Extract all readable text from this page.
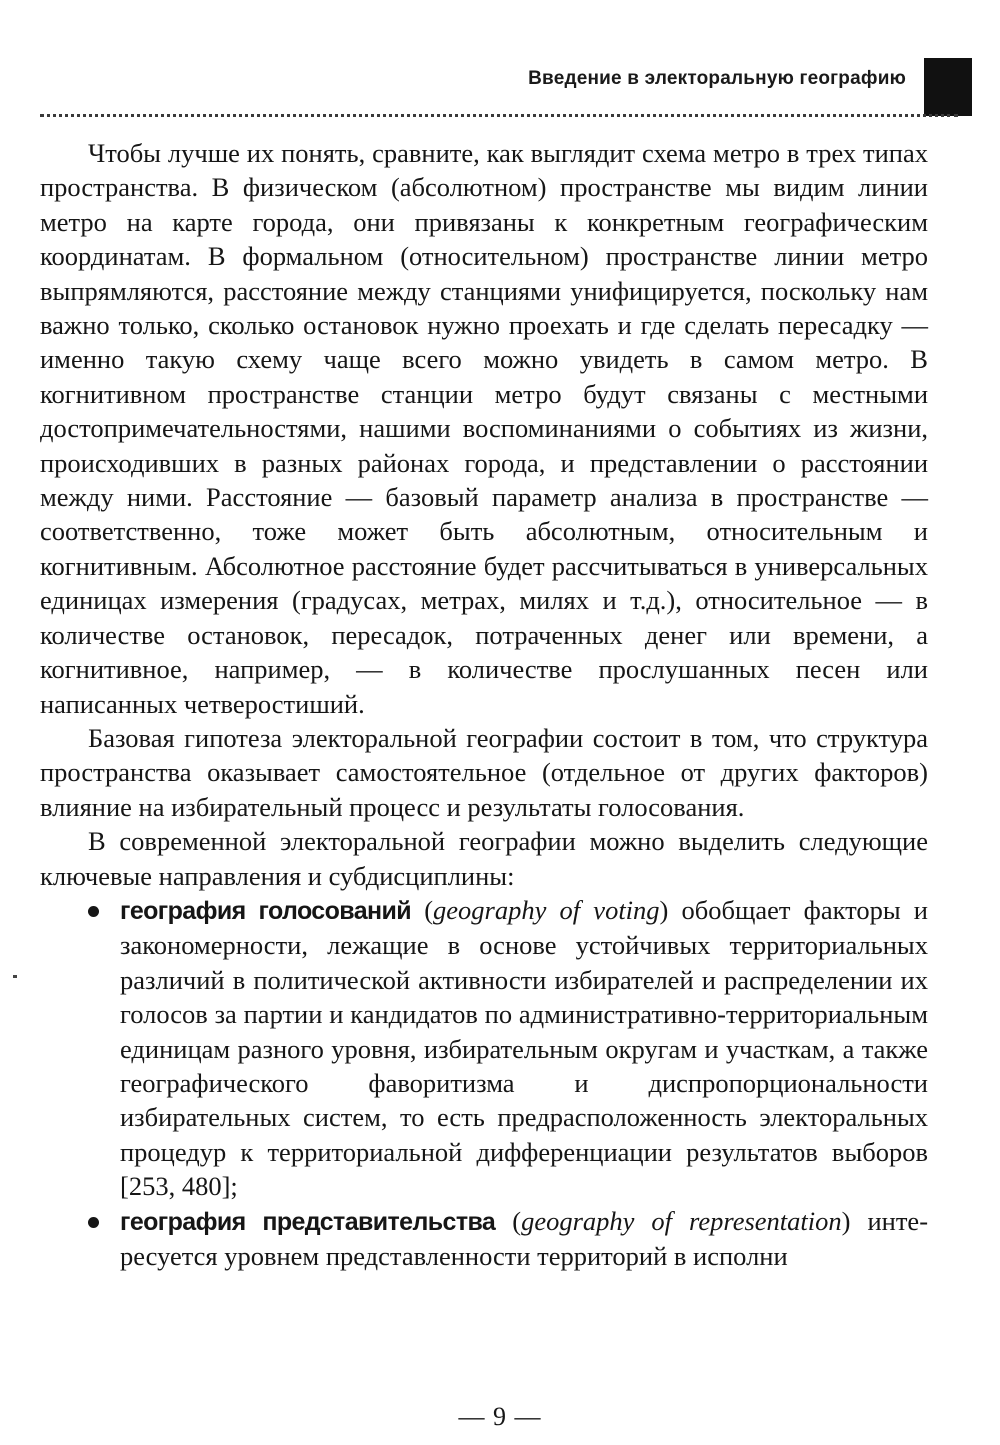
Введение в электоральную географию

Чтобы лучше их понять, сравните, как выглядит схема метро в трех типах пространства. В физическом (абсолютном) пространстве мы видим линии метро на карте города, они привязаны к конкретным географическим координатам. В формальном (относительном) пространстве линии метро выпрямляются, расстояние между станциями унифицируется, поскольку нам важно только, сколько остановок нужно проехать и где сделать пересадку — именно такую схему чаще всего можно увидеть в самом метро. В когнитивном пространстве станции метро будут связаны с местными достопримечательностями, нашими воспоминаниями о событиях из жизни, происходивших в разных районах города, и представлении о расстоянии между ними. Расстояние — базовый параметр анализа в пространстве — соответственно, тоже может быть абсолютным, относительным и когнитивным. Абсолютное расстояние будет рассчитываться в универсальных единицах измерения (градусах, метрах, милях и т.д.), относительное — в количестве остановок, пересадок, потраченных денег или времени, а когнитивное, например, — в количестве прослушанных песен или написанных четверостиший.

Базовая гипотеза электоральной географии состоит в том, что структура пространства оказывает самостоятельное (отдельное от других факторов) влияние на избирательный процесс и результаты голосования.

В современной электоральной географии можно выделить следующие ключевые направления и субдисциплины:

география голосований (geography of voting) обобщает факторы и закономерности, лежащие в основе устойчивых территориальных различий в политической активности избирателей и распределении их голосов за партии и кандидатов по административно-территориальным единицам разного уровня, избирательным округам и участкам, а также географического фаворитизма и диспропорциональности избирательных систем, то есть предрасположенность электоральных процедур к территориальной дифференциации результатов выборов [253, 480];
география представительства (geography of representation) интересуется уровнем представленности территорий в исполни
— 9 —
